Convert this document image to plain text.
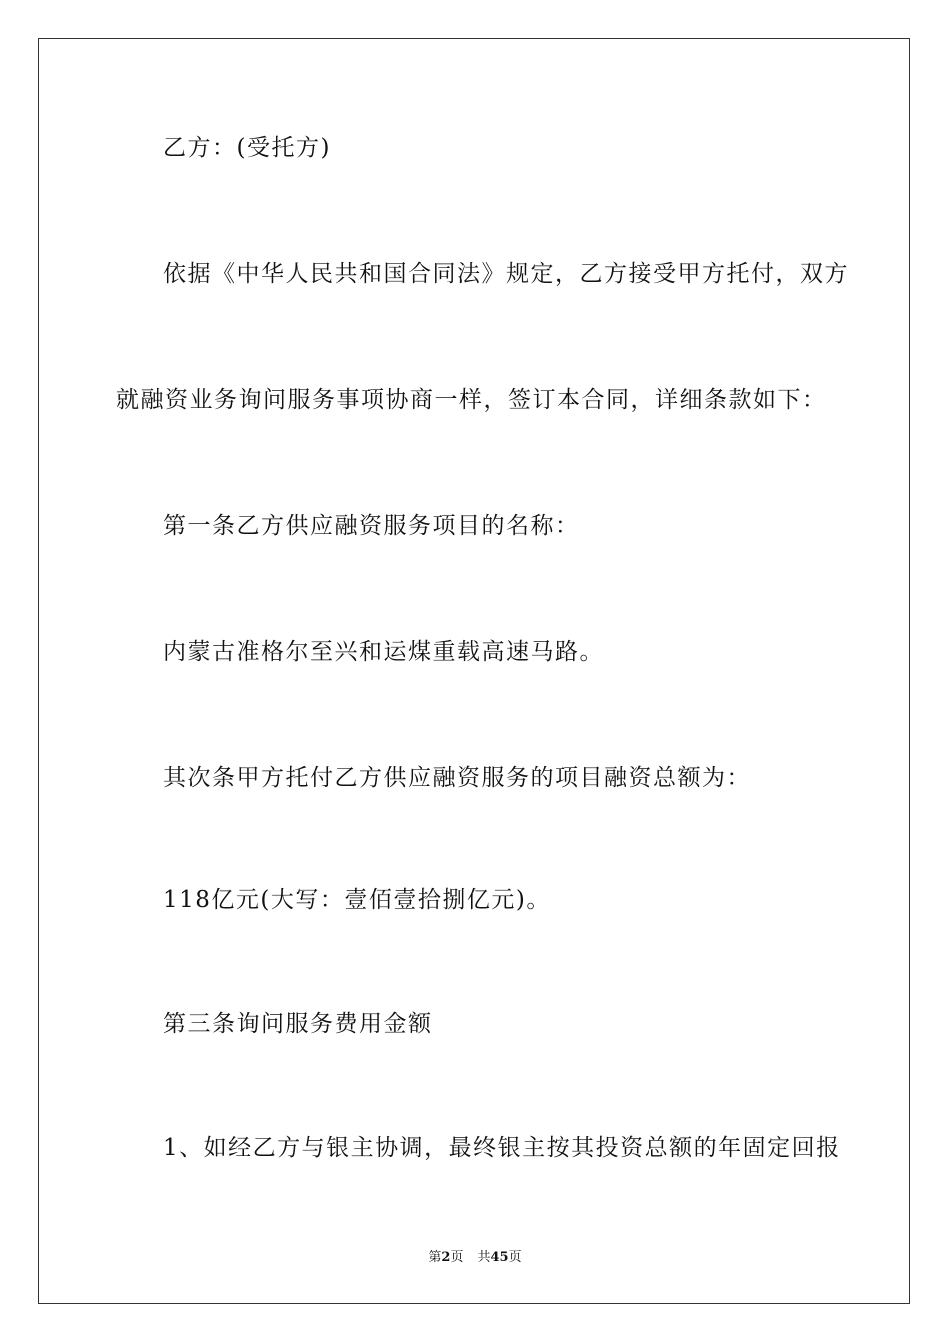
乙方：(受托方)
依据《中华人民共和国合同法》规定，乙方接受甲方托付，双方
就融资业务询问服务事项协商一样，签订本合同，详细条款如下：
第一条乙方供应融资服务项目的名称：
内蒙古准格尔至兴和运煤重载高速马路。
其次条甲方托付乙方供应融资服务的项目融资总额为：
118亿元(大写：壹佰壹拾捌亿元)。
第三条询问服务费用金额
1、如经乙方与银主协调，最终银主按其投资总额的年固定回报
第2页 共45页
